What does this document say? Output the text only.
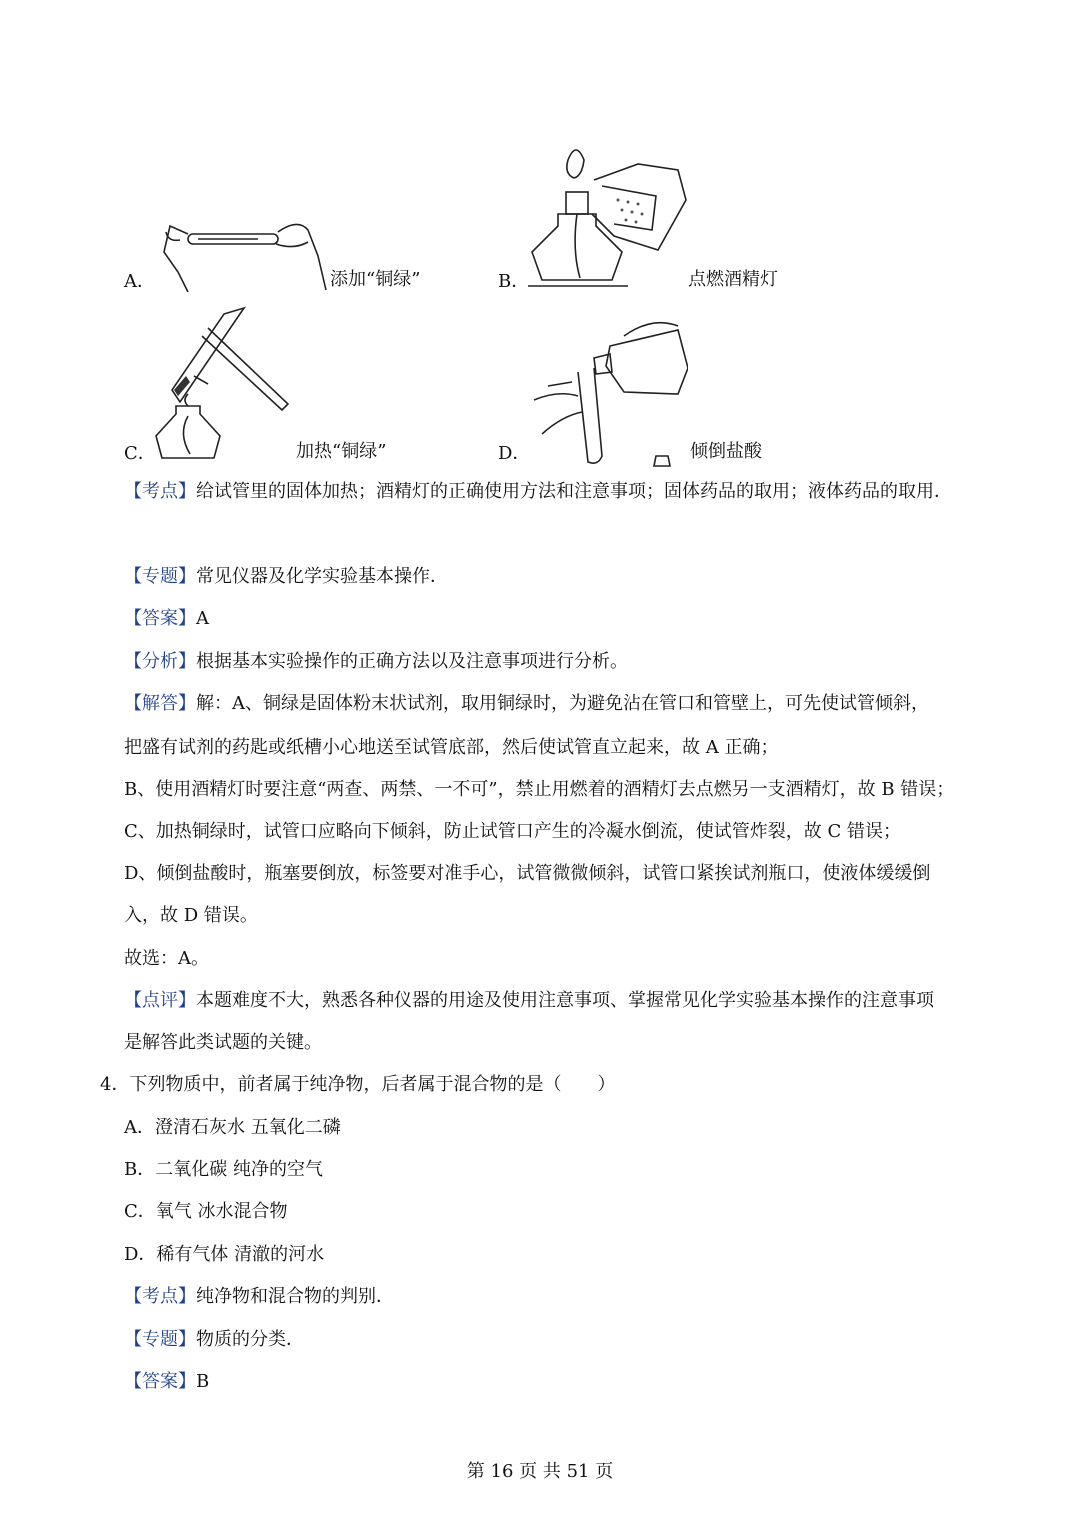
A．	添加“铜绿”	B．	点燃酒精灯
C．	加热“铜绿”	D．	倾倒盐酸
【考点】给试管里的固体加热；酒精灯的正确使用方法和注意事项；固体药品的取用；液体药品的取用．
【专题】常见仪器及化学实验基本操作．
【答案】A
【分析】根据基本实验操作的正确方法以及注意事项进行分析。
【解答】解：A、铜绿是固体粉末状试剂，取用铜绿时，为避免沾在管口和管壁上，可先使试管倾斜，
把盛有试剂的药匙或纸槽小心地送至试管底部，然后使试管直立起来，故 A 正确；
B、使用酒精灯时要注意“两查、两禁、一不可”，禁止用燃着的酒精灯去点燃另一支酒精灯，故 B 错误；
C、加热铜绿时，试管口应略向下倾斜，防止试管口产生的冷凝水倒流，使试管炸裂，故 C 错误；
D、倾倒盐酸时，瓶塞要倒放，标签要对准手心，试管微微倾斜，试管口紧挨试剂瓶口，使液体缓缓倒
入，故 D 错误。
故选：A。
【点评】本题难度不大，熟悉各种仪器的用途及使用注意事项、掌握常见化学实验基本操作的注意事项
是解答此类试题的关键。
4．下列物质中，前者属于纯净物，后者属于混合物的是（　　）
A．澄清石灰水 五氧化二磷
B．二氧化碳 纯净的空气
C．氧气 冰水混合物
D．稀有气体 清澈的河水
【考点】纯净物和混合物的判别．
【专题】物质的分类．
【答案】B
第 16 页 共 51 页
